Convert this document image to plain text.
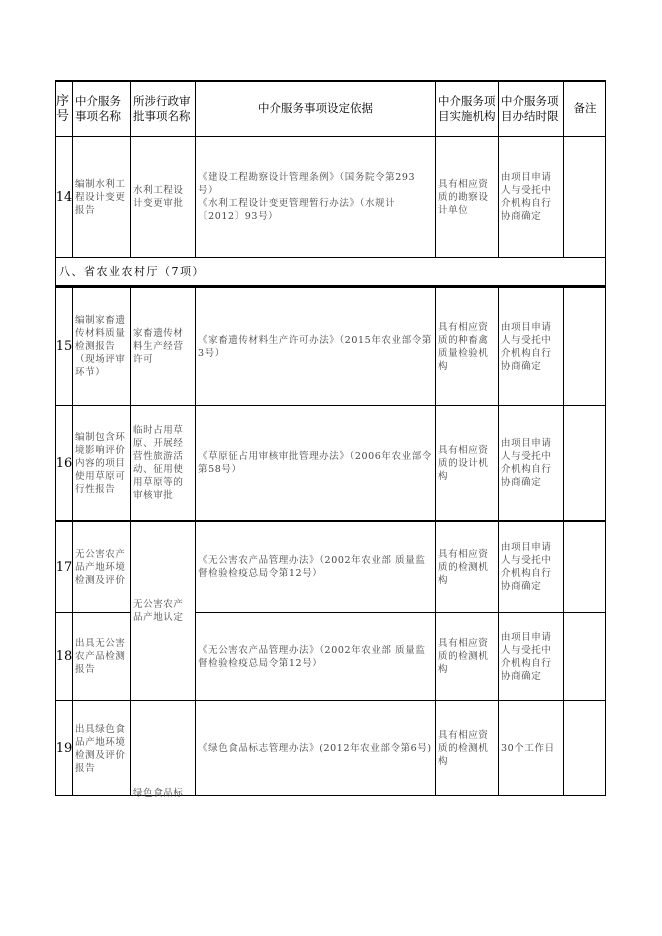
序号
中介服务事项名称
所涉行政审　批事项名称
中介服务事项设定依据
中介服务项目实施机构
中介服务项目办结时限
备注
14
编制水利工程设计变更报告
水利工程设计变更审批
《建设工程勘察设计管理条例》（国务院令第293号）
《水利工程设计变更管理暂行办法》（水规计〔2012〕93号）
具有相应资质的勘察设计单位
由项目申请人与受托中介机构自行协商确定
八、省农业农村厅（7项）
15
编制家畜遗传材料质量检测报告（现场评审环节）
家畜遗传材料生产经营许可
《家畜遗传材料生产许可办法》（2015年农业部令第3号）
具有相应资质的种畜禽质量检验机构
由项目申请人与受托中介机构自行协商确定
16
编制包含环境影响评价内容的项目使用草原可行性报告
临时占用草原、开展经营性旅游活动、征用使用草原等的审核审批
《草原征占用审核审批管理办法》（2006年农业部令第58号）
具有相应资质的设计机构
由项目申请人与受托中介机构自行协商确定
17
无公害农产品产地环境检测及评价
无公害农产品产地认定
《无公害农产品管理办法》（2002年农业部 质量监督检验检疫总局令第12号）
具有相应资质的检测机构
由项目申请人与受托中介机构自行协商确定
18
出具无公害农产品检测报告
《无公害农产品管理办法》（2002年农业部 质量监督检验检疫总局令第12号）
具有相应资质的检测机构
由项目申请人与受托中介机构自行协商确定
19
出具绿色食品产地环境检测及评价报告
绿色食品标
《绿色食品标志管理办法》(2012年农业部令第6号)
具有相应资质的检测机构
30个工作日
